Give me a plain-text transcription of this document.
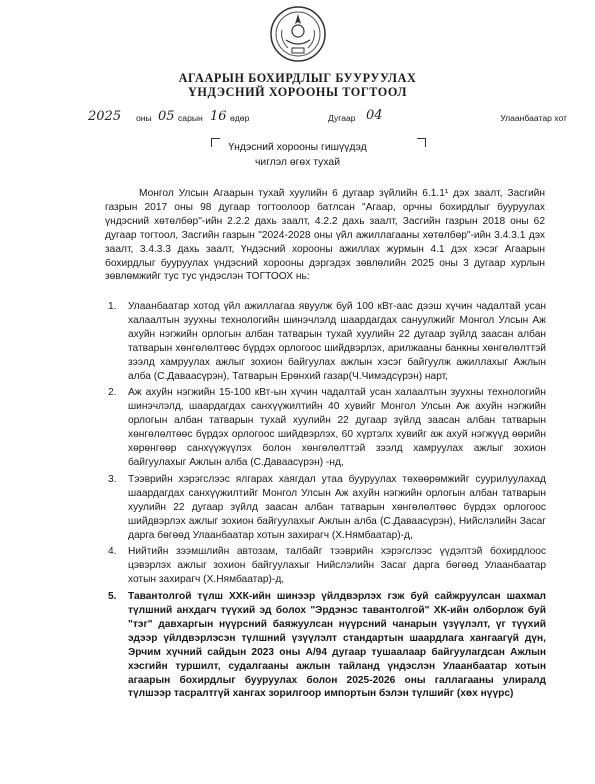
АГААРЫН БОХИРДЛЫГ БУУРУУЛАХ
ҮНДЭСНИЙ ХОРООНЫ ТОГТООЛ
2025 оны 05 сарын 16 өдөр	Дугаар 04	Улаанбаатар хот
Үндэсний хорооны гишүүдэд
чиглэл өгөх тухай

Монгол Улсын Агаарын тухай хуулийн 6 дугаар зүйлийн 6.1.1¹ дэх заалт, Засгийн газрын 2017 оны 98 дугаар тогтоолоор батлсан "Агаар, орчны бохирдлыг бууруулах үндэсний хөтөлбөр"-ийн 2.2.2 дахь заалт, 4.2.2 дахь заалт, Засгийн газрын 2018 оны 62 дугаар тогтоол, Засгийн газрын "2024-2028 оны үйл ажиллагааны хөтөлбөр"-ийн 3.4.3.1 дэх заалт, 3.4.3.3 дахь заалт, Үндэсний хорооны ажиллах журмын 4.1 дэх хэсэг Агаарын бохирдлыг бууруулах үндэсний хорооны дэргэдэх зөвлөлийн 2025 оны 3 дугаар хурлын зөвлөмжийг тус тус үндэслэн ТОГТООХ нь:

1. Улаанбаатар хотод үйл ажиллагаа явуулж буй 100 кВт-аас дээш хүчин чадалтай усан халаалтын зуухны технологийн шинэчлэлд шаардагдах сануулжийг Монгол Улсын Аж ахуйн нэгжийн орлогын албан татварын тухай хуулийн 22 дугаар зүйлд заасан албан татварын хөнгөлөлтөөс бүрдэх орлогоос шийдвэрлэх, арилжааны банкны хөнгөлөлттэй зээлд хамруулах ажлыг зохион байгуулах ажлын хэсэг байгуулж ажиллахыг Ажлын алба (С.Даваасүрэн), Татварын Ерөнхий газар(Ч.Чимэдсүрэн) нарт,
2. Аж ахуйн нэгжийн 15-100 кВт-ын хүчин чадалтай усан халаалтын зуухны технологийн шинэчлэлд, шаардагдах санхүүжилтийн 40 хувийг Монгол Улсын Аж ахуйн нэгжийн орлогын албан татварын тухай хуулийн 22 дугаар зүйлд заасан албан татварын хөнгөлөлтөөс бүрдэх орлогоос шийдвэрлэх, 60 хүртэлх хувийг аж ахуй нэгжүүд өөрийн хөрөнгөөр санхүүжүүлэх болон хөнгөлөлттэй зээлд хамруулах ажлыг зохион байгуулахыг Ажлын алба (С.Даваасүрэн) -нд,
3. Тээврийн хэрэгслээс ялгарах хаягдал утаа бууруулах төхөөрөмжийг суурилуулахад шаардагдах санхүүжилтийг Монгол Улсын Аж ахуйн нэгжийн орлогын албан татварын хуулийн 22 дугаар зүйлд заасан албан татварын хөнгөлөлтөөс бүрдэх орлогоос шийдвэрлэх ажлыг зохион байгуулахыг Ажлын алба (С.Даваасүрэн), Нийслэлийн Засаг дарга бөгөөд Улаанбаатар хотын захирагч (Х.Нямбаатар)-д,
4. Нийтийн зээмшлийн автозам, талбайг тээврийн хэрэгслээс үүдэлтэй бохирдлоос цэвэрлэх ажлыг зохион байгуулахыг Нийслэлийн Засаг дарга бөгөөд Улаанбаатар хотын захирагч (Х.Нямбаатар)-д,
5. Тавантолгой түлш ХХК-ийн шинээр үйлдвэрлэх гэж буй сайжруулсан шахмал түлшний анхдагч түүхий эд болох "Эрдэнэс тавантолгой" ХК-ийн олборлож буй "тэг" давхаргын нүүрсний баяжуулсан нүүрсний чанарын үзүүлэлт, үг түүхий эдээр үйлдвэрлэсэн түлшний үзүүлэлт стандартын шаардлага хангаагүй дүн, Эрчим хүчний сайдын 2023 оны А/94 дугаар тушаалаар байгуулагдсан Ажлын хэсгийн туршилт, судалгааны ажлын тайланд үндэслэн Улаанбаатар хотын агаарын бохирдлыг бууруулах болон 2025-2026 оны галлагааны улиралд түлшээр тасралтгүй хангах зорилгоор импортын бэлэн түлшийг (хөх нүүрс)
